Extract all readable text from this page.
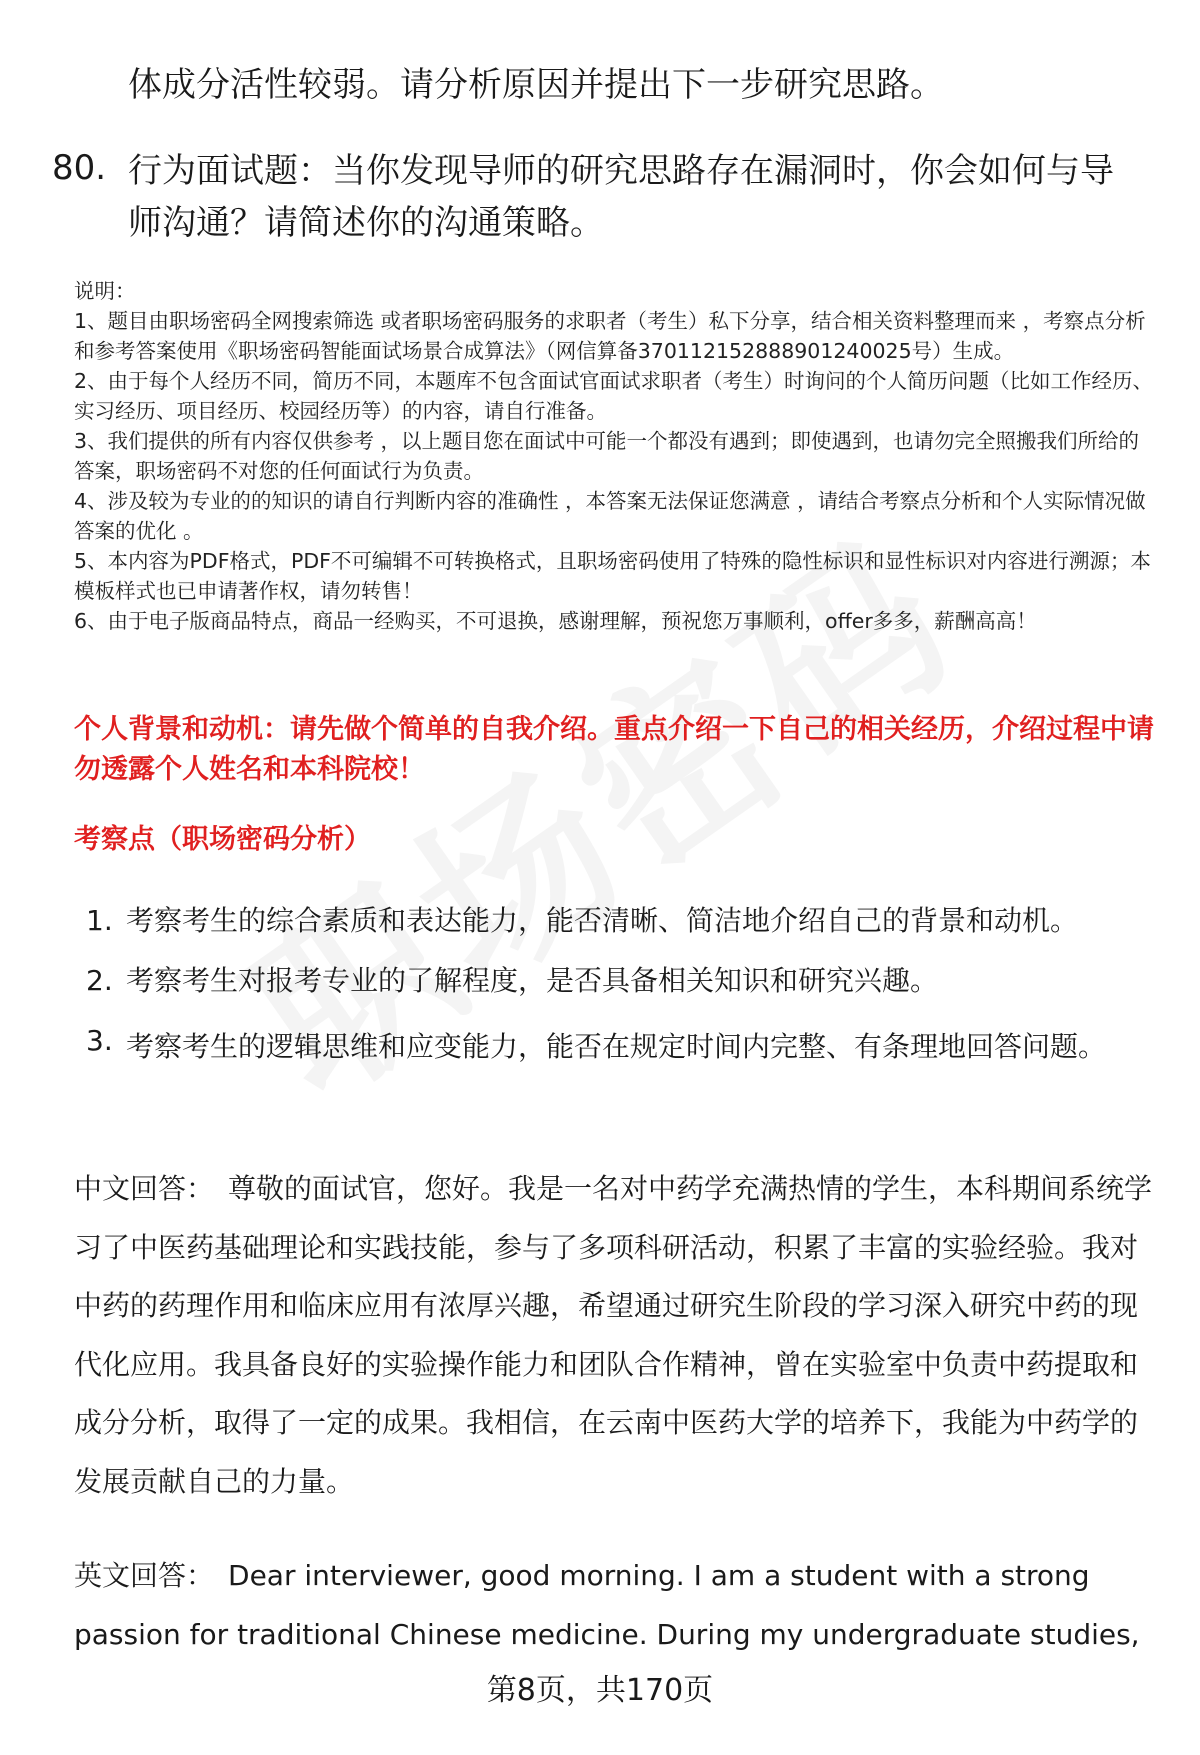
体成分活性较弱。请分析原因并提出下一步研究思路。
80. 行为面试题：当你发现导师的研究思路存在漏洞时，你会如何与导师沟通？请简述你的沟通策略。

说明：

1、题目由职场密码全网搜索筛选 或者职场密码服务的求职者（考生）私下分享，结合相关资料整理而来 ，考察点分析和参考答案使用《职场密码智能面试场景合成算法》（网信算备370112152888901240025号）生成。

2、由于每个人经历不同，简历不同，本题库不包含面试官面试求职者（考生）时询问的个人简历问题（比如工作经历、实习经历、项目经历、校园经历等）的内容，请自行准备。

3、我们提供的所有内容仅供参考 ，以上题目您在面试中可能一个都没有遇到；即使遇到，也请勿完全照搬我们所给的答案，职场密码不对您的任何面试行为负责。

4、涉及较为专业的的知识的请自行判断内容的准确性 ，本答案无法保证您满意 ，请结合考察点分析和个人实际情况做答案的优化 。

5、本内容为PDF格式，PDF不可编辑不可转换格式，且职场密码使用了特殊的隐性标识和显性标识对内容进行溯源；本模板样式也已申请著作权，请勿转售！

6、由于电子版商品特点，商品一经购买，不可退换，感谢理解，预祝您万事顺利，offer多多，薪酬高高！

个人背景和动机：请先做个简单的自我介绍。重点介绍一下自己的相关经历，介绍过程中请勿透露个人姓名和本科院校！
考察点（职场密码分析）
1. 考察考生的综合素质和表达能力，能否清晰、简洁地介绍自己的背景和动机。
2. 考察考生对报考专业的了解程度，是否具备相关知识和研究兴趣。
3. 考察考生的逻辑思维和应变能力，能否在规定时间内完整、有条理地回答问题。
中文回答： 尊敬的面试官，您好。我是一名对中药学充满热情的学生，本科期间系统学习了中医药基础理论和实践技能，参与了多项科研活动，积累了丰富的实验经验。我对中药的药理作用和临床应用有浓厚兴趣，希望通过研究生阶段的学习深入研究中药的现代化应用。我具备良好的实验操作能力和团队合作精神，曾在实验室中负责中药提取和成分分析，取得了一定的成果。我相信，在云南中医药大学的培养下，我能为中药学的发展贡献自己的力量。
英文回答： Dear interviewer, good morning. I am a student with a strong passion for traditional Chinese medicine. During my undergraduate studies,
第8页，共170页
